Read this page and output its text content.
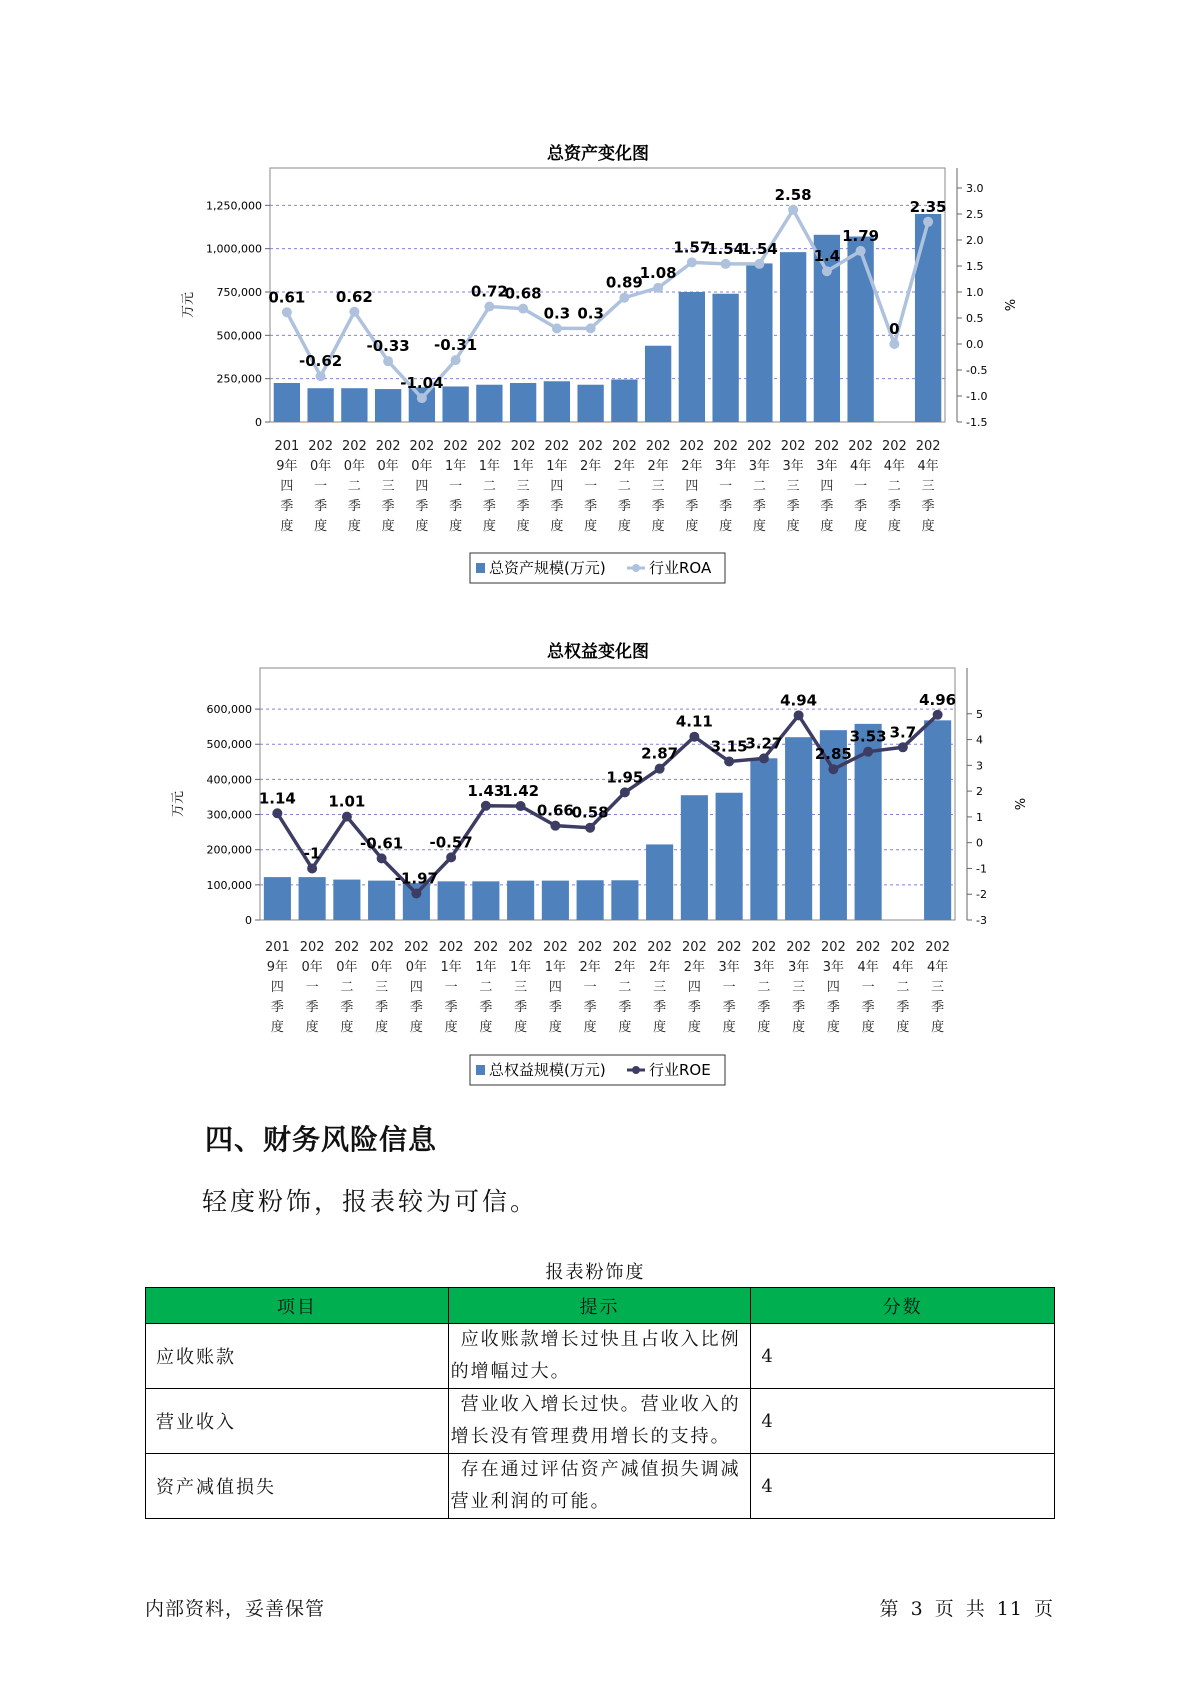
总资产变化图
1,250,000
1,000,000
750,000
500,000
250,000
0
万元
3.0
2.5
2.0
1.5
1.0
0.5
0.0
-0.5
-1.0
-1.5
%
0.61
-0.62
0.62
-0.33
-1.04
-0.31
0.72
0.68
0.3 0.3
0.89
1.08
1.57
1.54
1.54
2.58
1.4
1.79
0
2.35
201
9年
四
季
度
202
0年
一
季
度
202
0年
二
季
度
202
0年
三
季
度
202
0年
四
季
度
202
1年
一
季
度
202
1年
二
季
度
202
1年
三
季
度
202
1年
四
季
度
202
2年
一
季
度
202
2年
二
季
度
202
2年
三
季
度
202
2年
四
季
度
202
3年
一
季
度
202
3年
二
季
度
202
3年
三
季
度
202
3年
四
季
度
202
4年
一
季
度
202
4年
二
季
度
202
4年
三
季
度
总资产规模(万元)	行业ROA
总权益变化图
600,000
500,000
400,000
300,000
200,000
100,000
0
万元
5
4
3
2
1
0
-1
-2
-3
%
1.14
-1
1.01
-0.61
-1.97
-0.57
1.43
1.42
0.66
0.58
1.95
2.87
4.11
3.15
3.27
4.94
2.85
3.53 3.7
4.96
201
9年
四
季
度
202
0年
一
季
度
202
0年
二
季
度
202
0年
三
季
度
202
0年
四
季
度
202
1年
一
季
度
202
1年
二
季
度
202
1年
三
季
度
202
1年
四
季
度
202
2年
一
季
度
202
2年
二
季
度
202
2年
三
季
度
202
2年
四
季
度
202
3年
一
季
度
202
3年
二
季
度
202
3年
三
季
度
202
3年
四
季
度
202
4年
一
季
度
202
4年
二
季
度
202
4年
三
季
度
总权益规模(万元)	行业ROE
四、财务风险信息
轻度粉饰，报表较为可信。
报表粉饰度
项目	提示	分数
应收账款	应收账款增长过快且占收入比例的增幅过大。	4
营业收入	营业收入增长过快。营业收入的增长没有管理费用增长的支持。	4
资产减值损失	存在通过评估资产减值损失调减营业利润的可能。	4
内部资料，妥善保管	第 3 页 共 11 页
